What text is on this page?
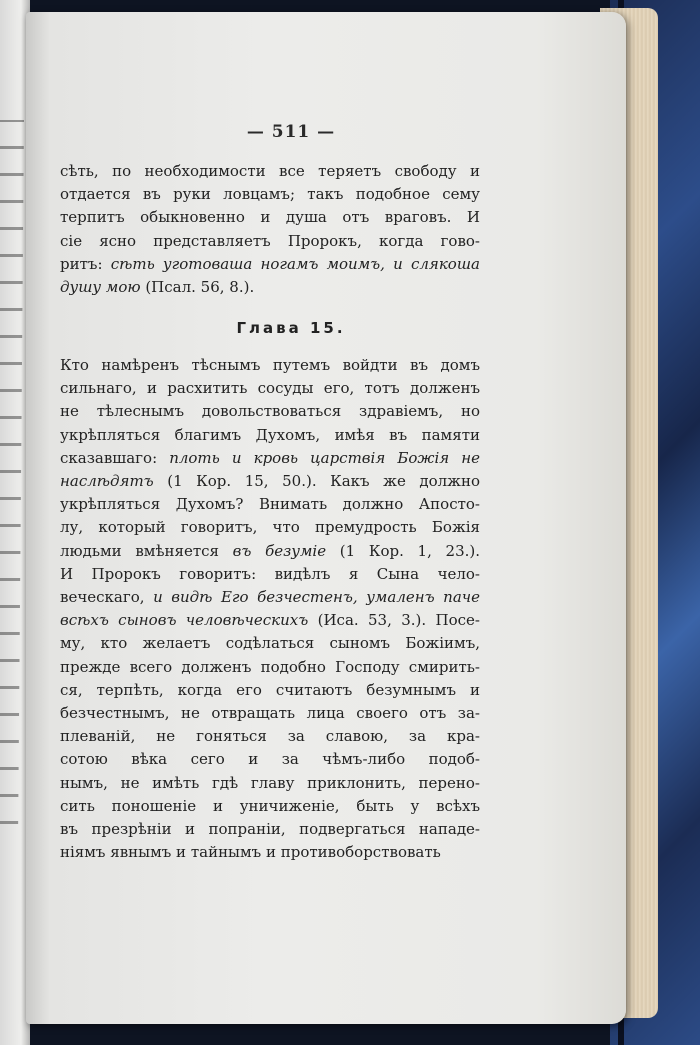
— 511 —
сѣть, по необходимости все теряетъ свободу и
отдается въ руки ловцамъ; такъ подобное сему
терпитъ обыкновенно и душа отъ враговъ. И
сіе ясно представляетъ Пророкъ, когда гово-
ритъ: сѣть уготоваша ногамъ моимъ, и слякоша
душу мою (Псал. 56, 8.).
Глава 15.
Кто намѣренъ тѣснымъ путемъ войдти въ домъ
сильнаго, и расхитить сосуды его, тотъ долженъ
не тѣлеснымъ довольствоваться здравіемъ, но
укрѣпляться благимъ Духомъ, имѣя въ памяти
сказавшаго: плоть и кровь царствія Божія не
наслѣдятъ (1 Кор. 15, 50.). Какъ же должно
укрѣпляться Духомъ? Внимать должно Апосто-
лу, который говоритъ, что премудрость Божія
людьми вмѣняется въ безуміе (1 Кор. 1, 23.).
И Пророкъ говоритъ: видѣлъ я Сына чело-
веческаго, и видѣ Его безчестенъ, умаленъ паче
всѣхъ сыновъ человѣческихъ (Иса. 53, 3.). Посе-
му, кто желаетъ содѣлаться сыномъ Божіимъ,
прежде всего долженъ подобно Господу смирить-
ся, терпѣть, когда его считаютъ безумнымъ и
безчестнымъ, не отвращать лица своего отъ за-
плеваній, не гоняться за славою, за кра-
сотою вѣка сего и за чѣмъ-либо подоб-
нымъ, не имѣть гдѣ главу приклонить, перено-
сить поношеніе и уничиженіе, быть у всѣхъ
въ презрѣніи и попраніи, подвергаться нападе-
ніямъ явнымъ и тайнымъ и противоборствовать
